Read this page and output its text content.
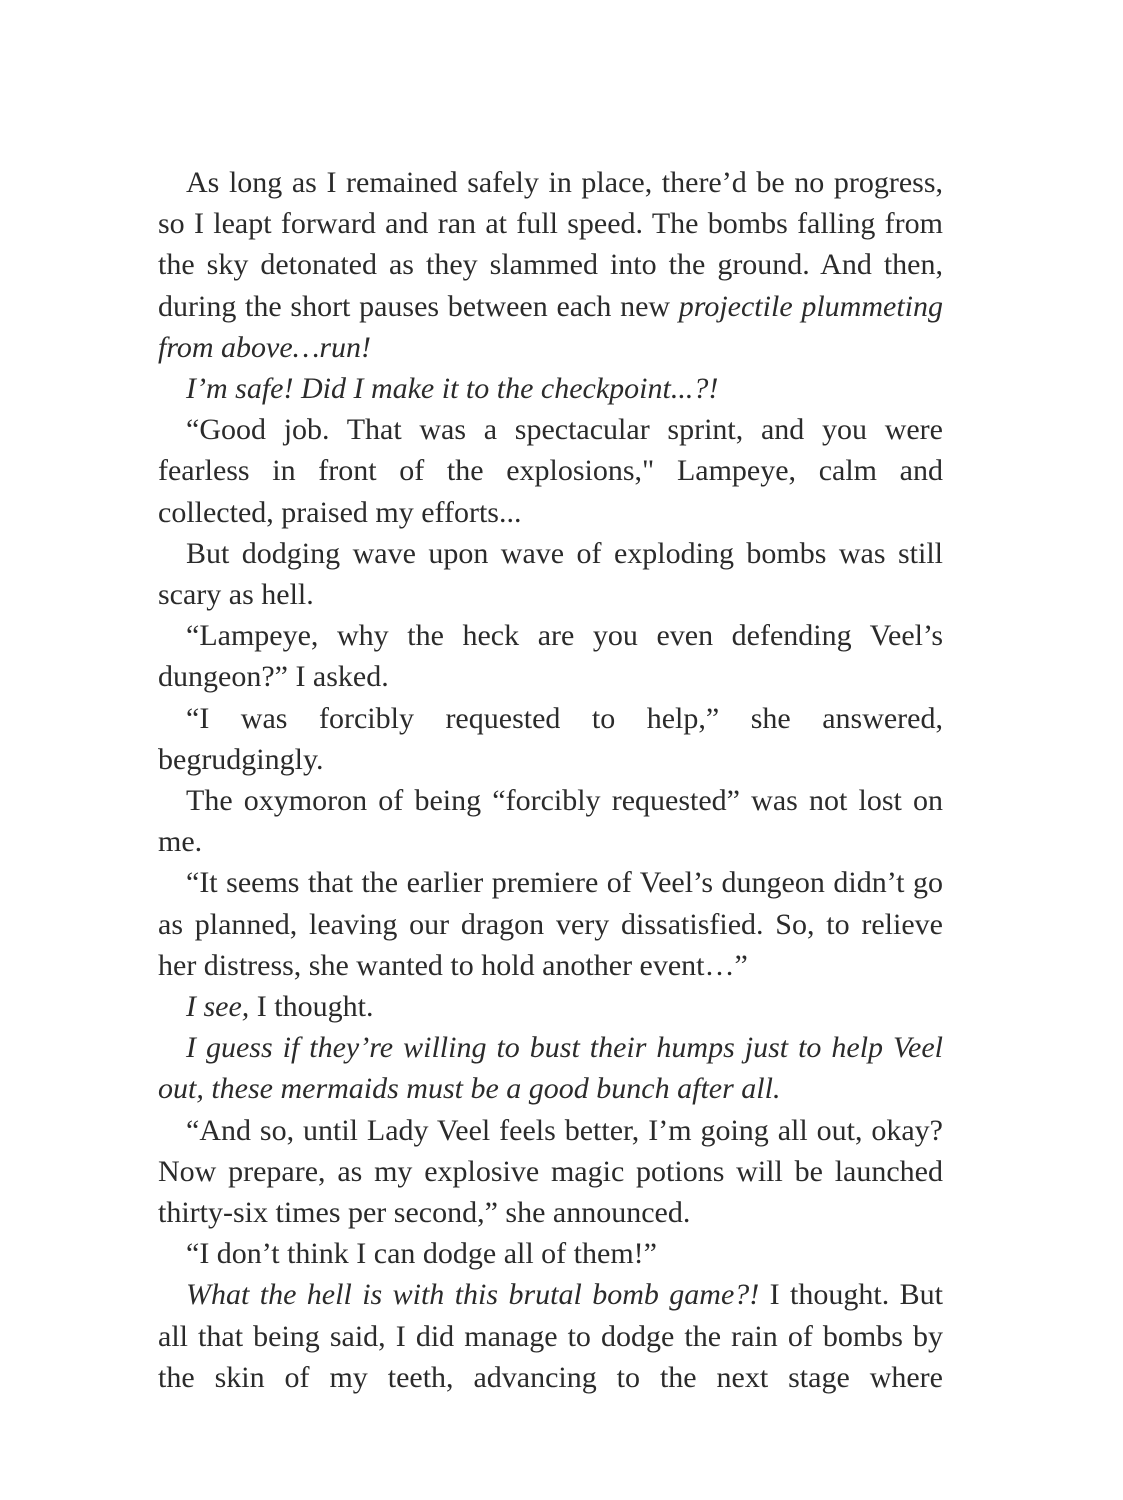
As long as I remained safely in place, there’d be no progress, so I leapt forward and ran at full speed. The bombs falling from the sky detonated as they slammed into the ground. And then, during the short pauses between each new projectile plummeting from above…run!

I’m safe! Did I make it to the checkpoint...?!

“Good job. That was a spectacular sprint, and you were fearless in front of the explosions," Lampeye, calm and collected, praised my efforts...

But dodging wave upon wave of exploding bombs was still scary as hell.

“Lampeye, why the heck are you even defending Veel’s dungeon?” I asked.

“I was forcibly requested to help,” she answered, begrudgingly.

The oxymoron of being “forcibly requested” was not lost on me.

“It seems that the earlier premiere of Veel’s dungeon didn’t go as planned, leaving our dragon very dissatisfied. So, to relieve her distress, she wanted to hold another event…”

I see, I thought.

I guess if they’re willing to bust their humps just to help Veel out, these mermaids must be a good bunch after all.

“And so, until Lady Veel feels better, I’m going all out, okay? Now prepare, as my explosive magic potions will be launched thirty-six times per second,” she announced.

“I don’t think I can dodge all of them!”

What the hell is with this brutal bomb game?! I thought. But all that being said, I did manage to dodge the rain of bombs by the skin of my teeth, advancing to the next stage where
